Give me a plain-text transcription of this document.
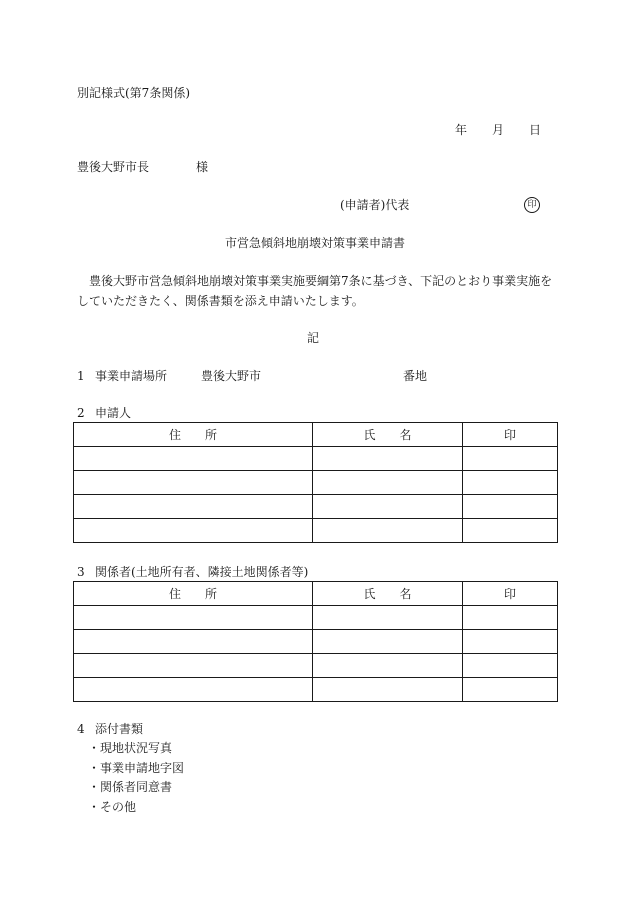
別記様式(第7条関係)
年 月 日
豊後大野市長	様
(申請者)代表	印
市営急傾斜地崩壊対策事業申請書
豊後大野市営急傾斜地崩壊対策事業実施要綱第7条に基づき、下記のとおり事業実施をしていただきたく、関係書類を添え申請いたします。
記
1 事業申請場所	豊後大野市	番地
2 申請人
住　　所	氏　　名	印

3 関係者(土地所有者、隣接土地関係者等)
住　　所	氏　　名	印

4 添付書類
・現地状況写真
・事業申請地字図
・関係者同意書
・その他
